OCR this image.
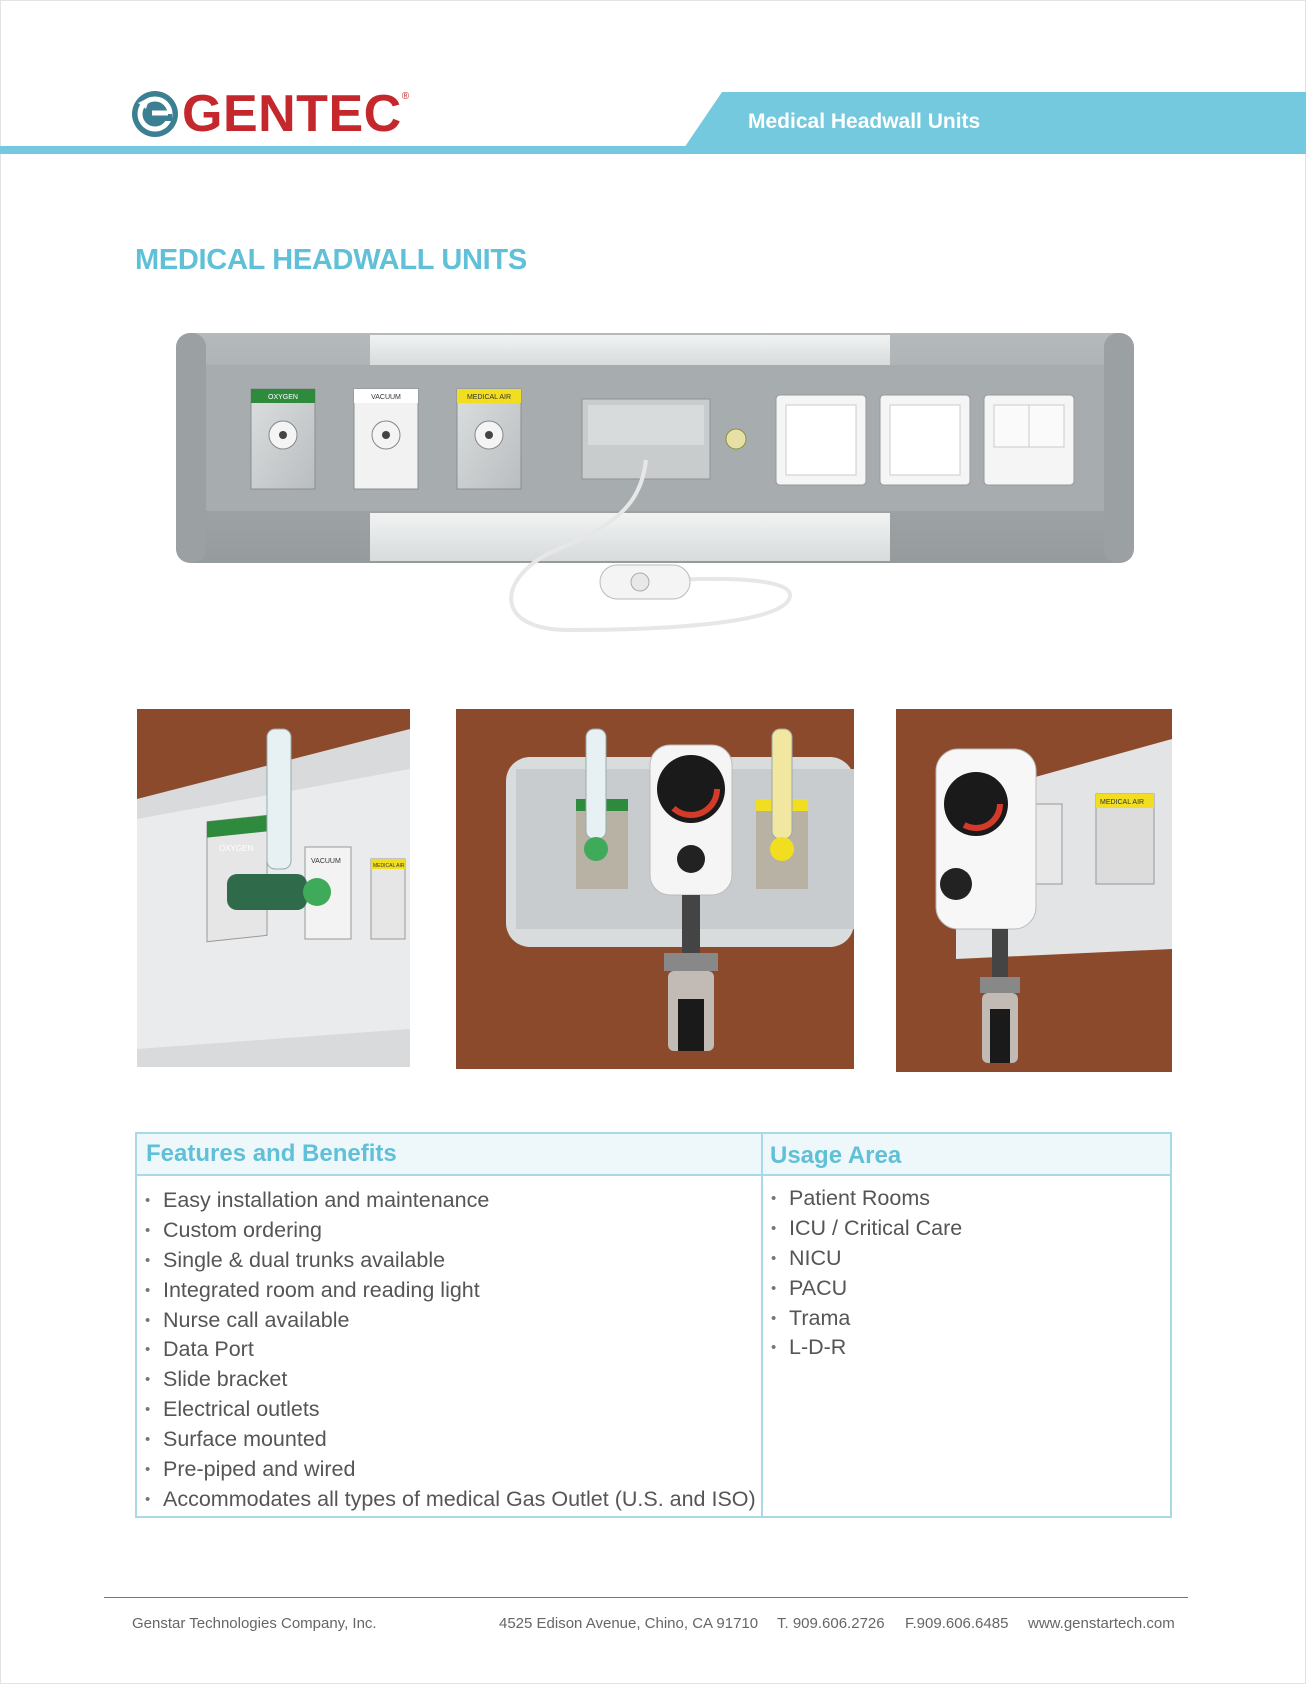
GENTEC ®
Medical Headwall Units
MEDICAL HEADWALL UNITS
OXYGEN	VACUUM	MEDICAL AIR
OXYGEN
VACUUM
MEDICAL AIR
MEDICAL AIR
Features and Benefits	Usage Area
• Easy installation and maintenance
• Custom ordering
• Single & dual trunks available
• Integrated room and reading light
• Nurse call available
• Data Port
• Slide bracket
• Electrical outlets
• Surface mounted
• Pre-piped and wired
• Accommodates all types of medical Gas Outlet (U.S. and ISO)
• Patient Rooms
• ICU / Critical Care
• NICU
• PACU
• Trama
• L-D-R
Genstar Technologies Company, Inc.	4525 Edison Avenue, Chino, CA 91710 T. 909.606.2726 F.909.606.6485 www.genstartech.com
